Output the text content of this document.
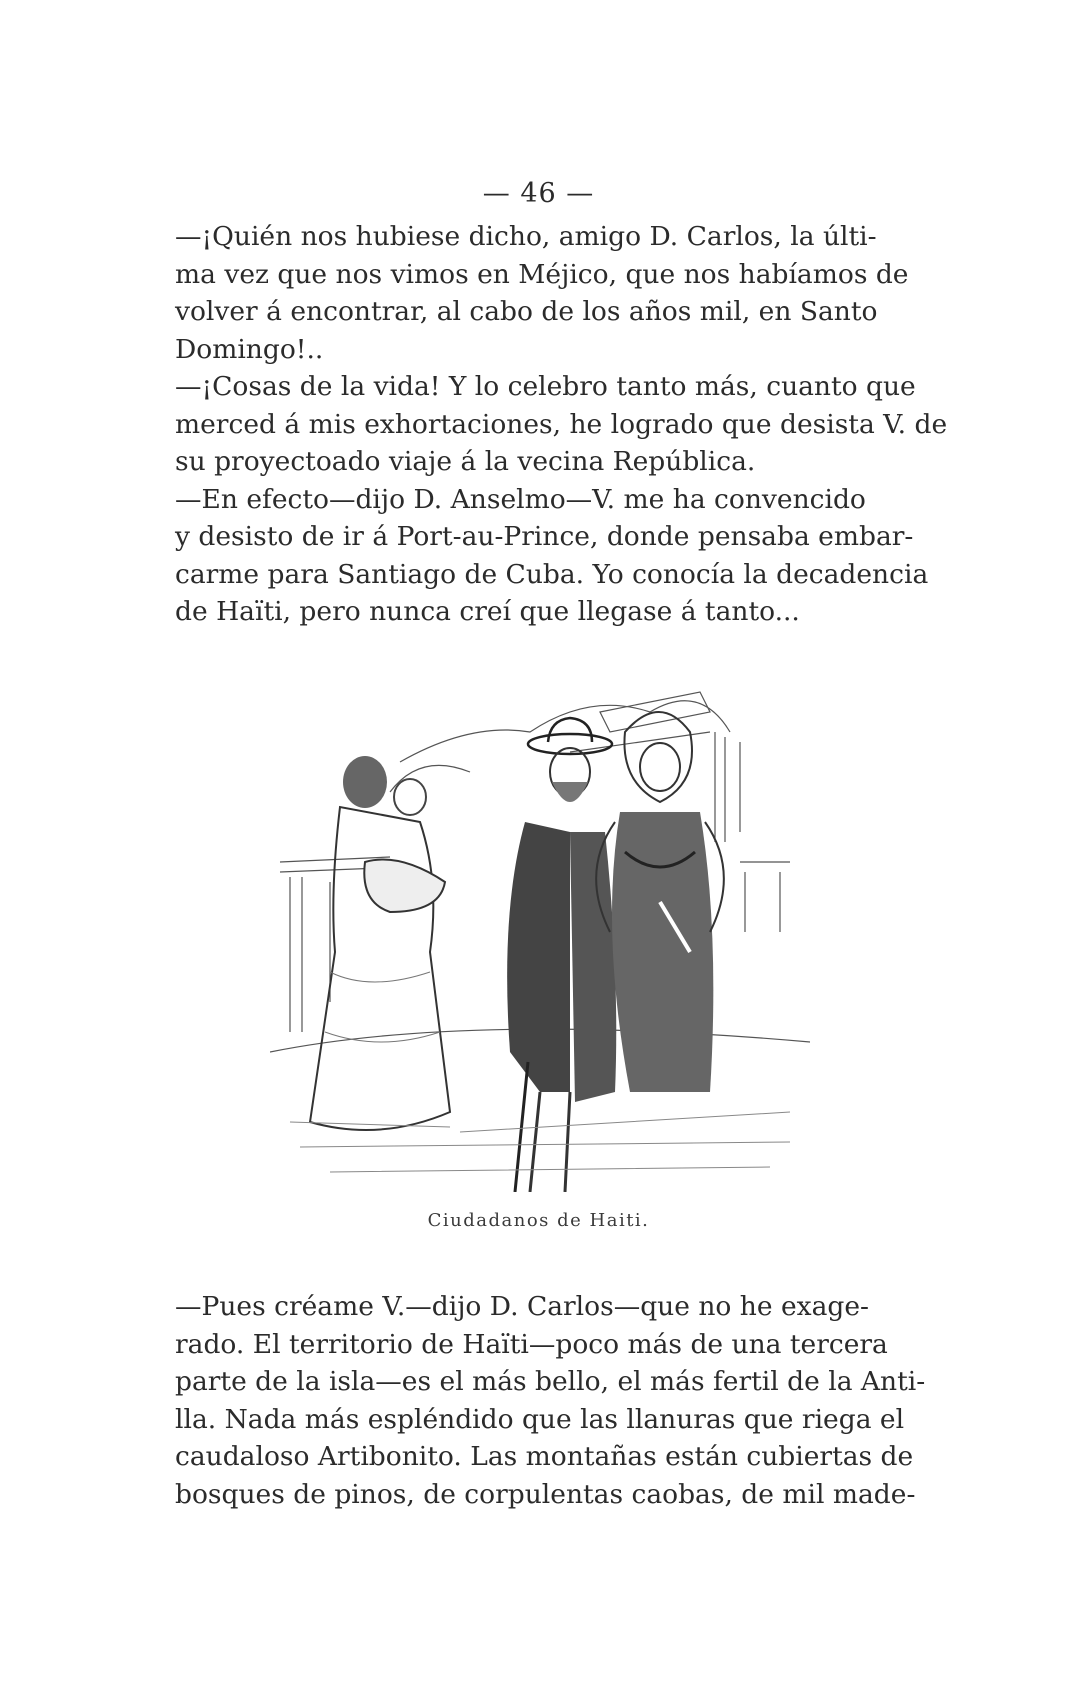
— 46 —
—¡Quién nos hubiese dicho, amigo D. Carlos, la últi-
ma vez que nos vimos en Méjico, que nos habíamos de
volver á encontrar, al cabo de los años mil, en Santo
Domingo!..
—¡Cosas de la vida! Y lo celebro tanto más, cuanto que
merced á mis exhortaciones, he logrado que desista V. de
su proyectoado viaje á la vecina República.
—En efecto—dijo D. Anselmo—V. me ha convencido
y desisto de ir á Port-au-Prince, donde pensaba embar-
carme para Santiago de Cuba. Yo conocía la decadencia
de Haïti, pero nunca creí que llegase á tanto...
Ciudadanos de Haiti.
—Pues créame V.—dijo D. Carlos—que no he exage-
rado. El territorio de Haïti—poco más de una tercera
parte de la isla—es el más bello, el más fertil de la Anti-
lla. Nada más espléndido que las llanuras que riega el
caudaloso Artibonito. Las montañas están cubiertas de
bosques de pinos, de corpulentas caobas, de mil made-
